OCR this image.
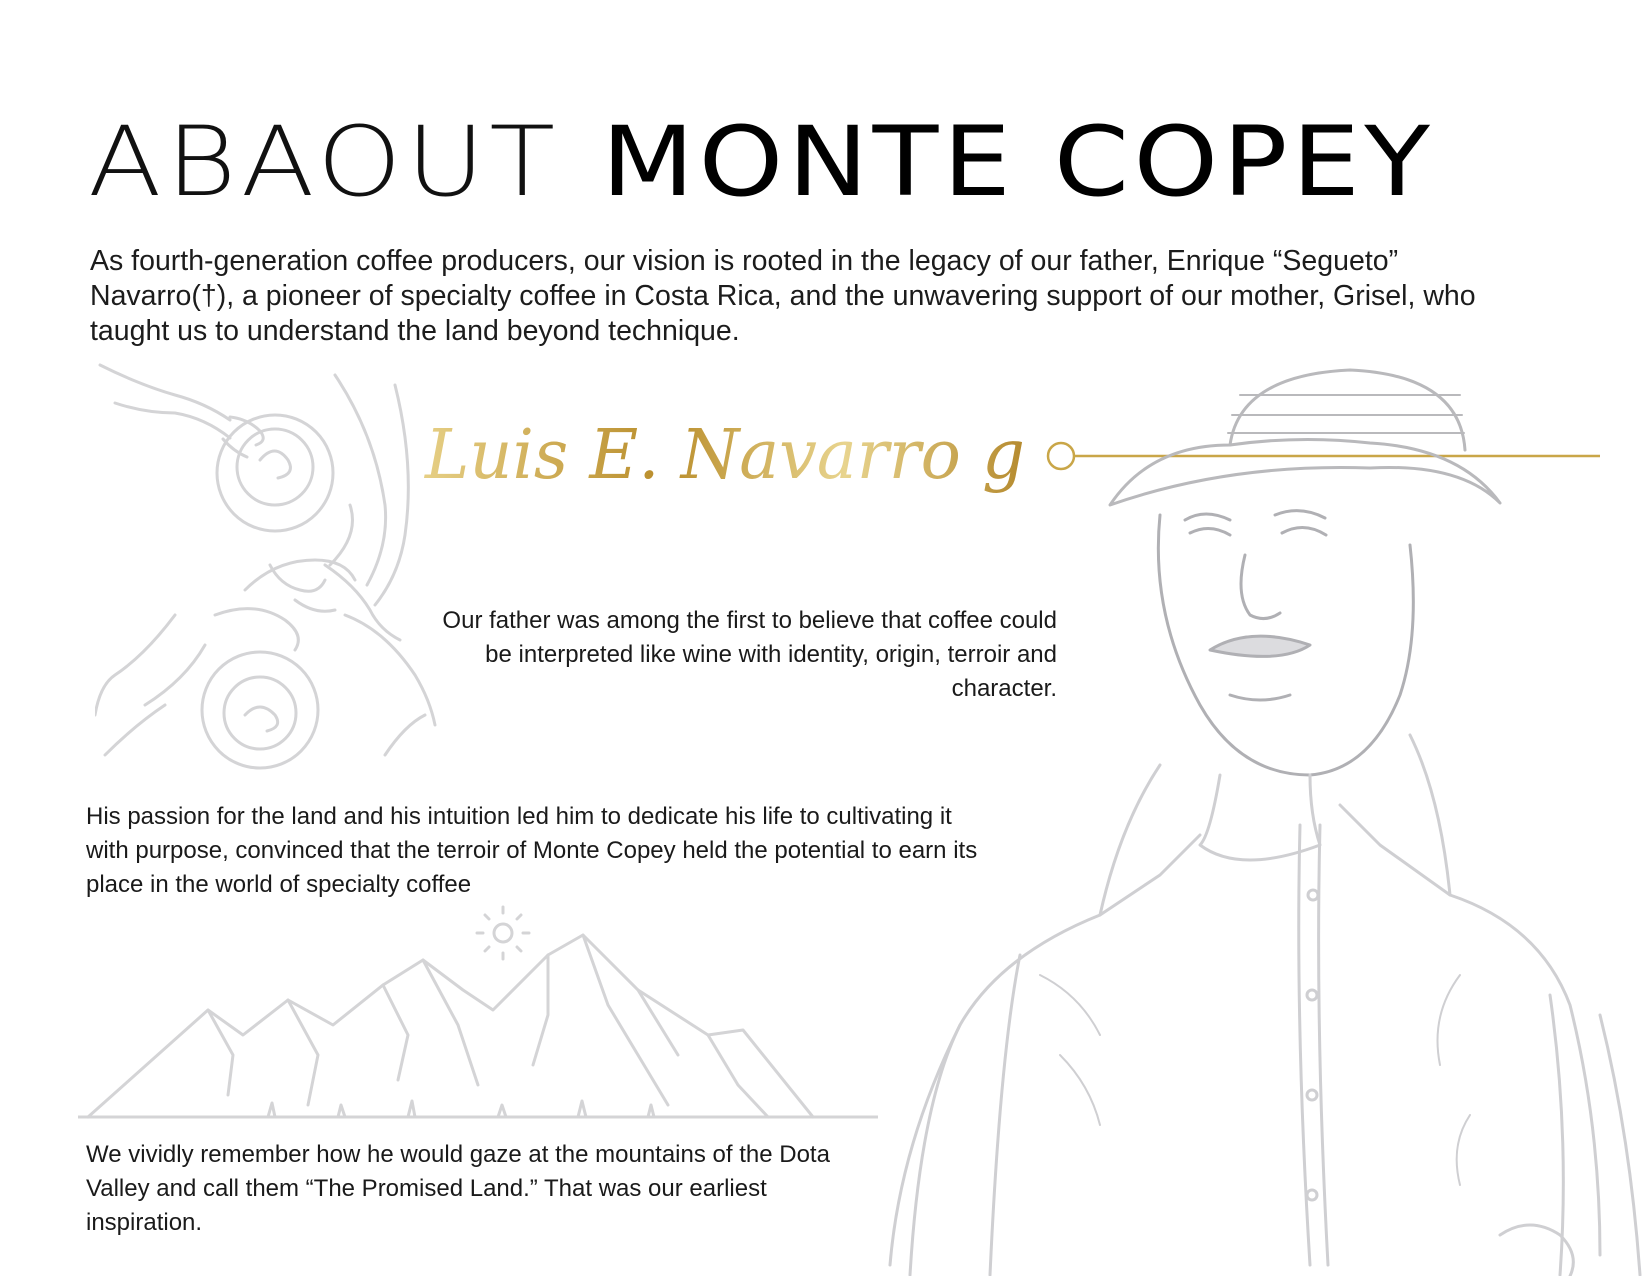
ABAOUT MONTE COPEY

As fourth-generation coffee producers, our vision is rooted in the legacy of our father, Enrique “Segueto” Navarro(†), a pioneer of specialty coffee in Costa Rica, and the unwavering support of our mother, Grisel, who taught us to understand the land beyond technique.

Luis E. Navarro g

Our father was among the first to believe that coffee could be interpreted like wine with identity, origin, terroir and character.

His passion for the land and his intuition led him to dedicate his life to cultivating it with purpose, convinced that the terroir of Monte Copey held the potential to earn its place in the world of specialty coffee

We vividly remember how he would gaze at the mountains of the Dota Valley and call them “The Promised Land.” That was our earliest inspiration.
